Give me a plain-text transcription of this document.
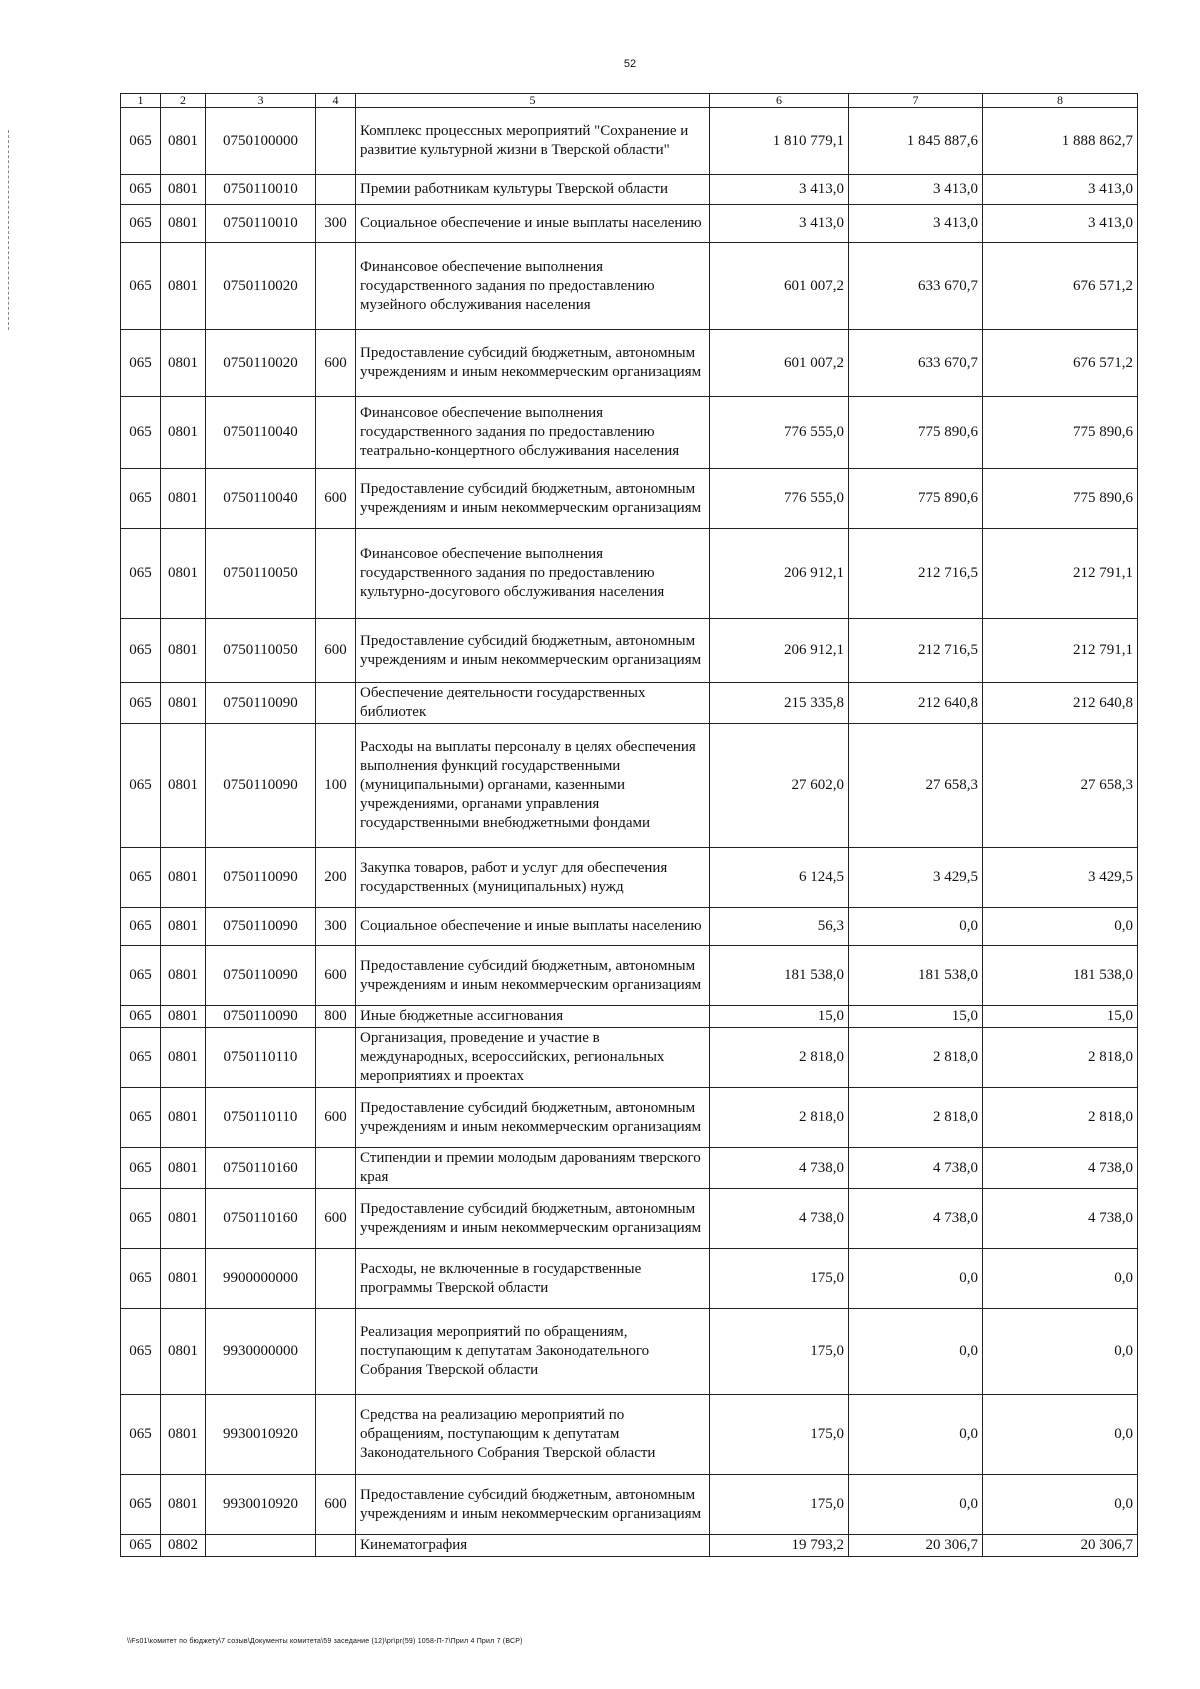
52
1	2	3	4	5	6	7	8
065	0801	0750100000		Комплекс процессных мероприятий "Сохранение и развитие культурной жизни в Тверской области"	1 810 779,1	1 845 887,6	1 888 862,7
065	0801	0750110010		Премии работникам культуры Тверской области	3 413,0	3 413,0	3 413,0
065	0801	0750110010	300	Социальное обеспечение и иные выплаты населению	3 413,0	3 413,0	3 413,0
065	0801	0750110020		Финансовое обеспечение выполнения государственного задания по предоставлению музейного обслуживания населения	601 007,2	633 670,7	676 571,2
065	0801	0750110020	600	Предоставление субсидий бюджетным, автономным учреждениям и иным некоммерческим организациям	601 007,2	633 670,7	676 571,2
065	0801	0750110040		Финансовое обеспечение выполнения государственного задания по предоставлению театрально-концертного обслуживания населения	776 555,0	775 890,6	775 890,6
065	0801	0750110040	600	Предоставление субсидий бюджетным, автономным учреждениям и иным некоммерческим организациям	776 555,0	775 890,6	775 890,6
065	0801	0750110050		Финансовое обеспечение выполнения государственного задания по предоставлению культурно-досугового обслуживания населения	206 912,1	212 716,5	212 791,1
065	0801	0750110050	600	Предоставление субсидий бюджетным, автономным учреждениям и иным некоммерческим организациям	206 912,1	212 716,5	212 791,1
065	0801	0750110090		Обеспечение деятельности государственных библиотек	215 335,8	212 640,8	212 640,8
065	0801	0750110090	100	Расходы на выплаты персоналу в целях обеспечения выполнения функций государственными (муниципальными) органами, казенными учреждениями, органами управления государственными внебюджетными фондами	27 602,0	27 658,3	27 658,3
065	0801	0750110090	200	Закупка товаров, работ и услуг для обеспечения государственных (муниципальных) нужд	6 124,5	3 429,5	3 429,5
065	0801	0750110090	300	Социальное обеспечение и иные выплаты населению	56,3	0,0	0,0
065	0801	0750110090	600	Предоставление субсидий бюджетным, автономным учреждениям и иным некоммерческим организациям	181 538,0	181 538,0	181 538,0
065	0801	0750110090	800	Иные бюджетные ассигнования	15,0	15,0	15,0
065	0801	0750110110		Организация, проведение и участие в международных, всероссийских, региональных мероприятиях и проектах	2 818,0	2 818,0	2 818,0
065	0801	0750110110	600	Предоставление субсидий бюджетным, автономным учреждениям и иным некоммерческим организациям	2 818,0	2 818,0	2 818,0
065	0801	0750110160		Стипендии и премии молодым дарованиям тверского края	4 738,0	4 738,0	4 738,0
065	0801	0750110160	600	Предоставление субсидий бюджетным, автономным учреждениям и иным некоммерческим организациям	4 738,0	4 738,0	4 738,0
065	0801	9900000000		Расходы, не включенные в государственные программы Тверской области	175,0	0,0	0,0
065	0801	9930000000		Реализация мероприятий по обращениям, поступающим к депутатам Законодательного Собрания Тверской области	175,0	0,0	0,0
065	0801	9930010920		Средства на реализацию мероприятий по обращениям, поступающим к депутатам Законодательного Собрания Тверской области	175,0	0,0	0,0
065	0801	9930010920	600	Предоставление субсидий бюджетным, автономным учреждениям и иным некоммерческим организациям	175,0	0,0	0,0
065	0802			Кинематография	19 793,2	20 306,7	20 306,7
\\Fs01\комитет по бюджету\7 созыв\Документы комитета\59 заседание (12)\pr\pr(59) 1058-П-7\Прил 4 Прил 7 (ВСР)
